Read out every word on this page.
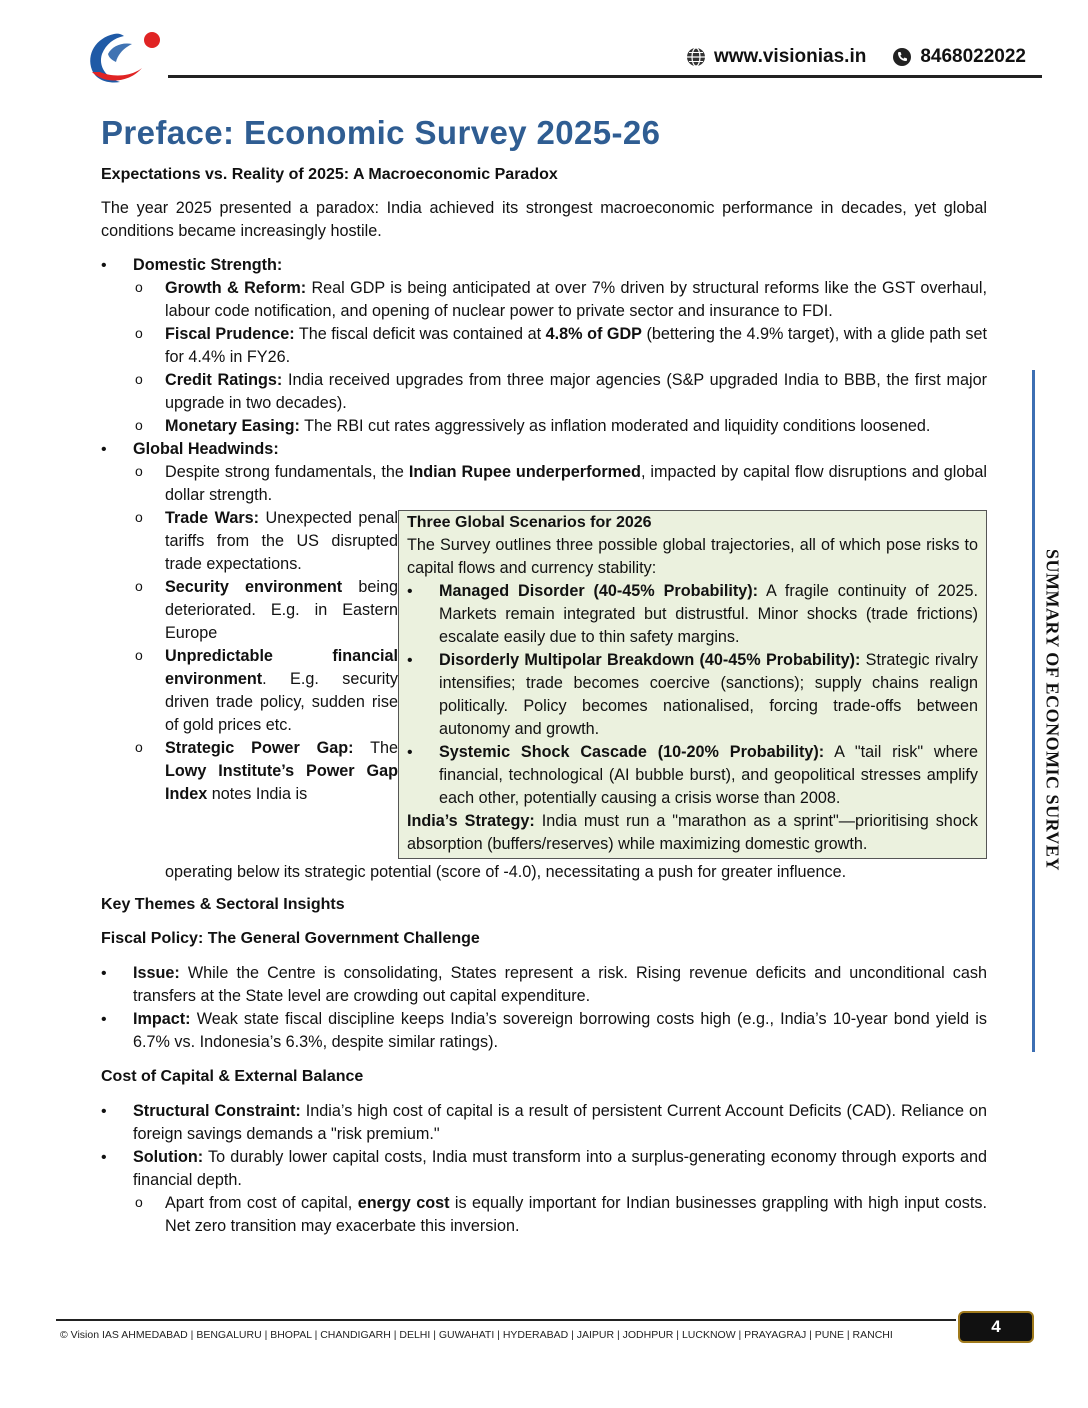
www.visionias.in	8468022022
SUMMARY OF ECONOMIC SURVEY
Preface: Economic Survey 2025-26
Expectations vs. Reality of 2025: A Macroeconomic Paradox

The year 2025 presented a paradox: India achieved its strongest macroeconomic performance in decades, yet global conditions became increasingly hostile.

• Domestic Strength:
o Growth & Reform: Real GDP is being anticipated at over 7% driven by structural reforms like the GST overhaul, labour code notification, and opening of nuclear power to private sector and insurance to FDI.
o Fiscal Prudence: The fiscal deficit was contained at 4.8% of GDP (bettering the 4.9% target), with a glide path set for 4.4% in FY26.
o Credit Ratings: India received upgrades from three major agencies (S&P upgraded India to BBB, the first major upgrade in two decades).
o Monetary Easing: The RBI cut rates aggressively as inflation moderated and liquidity conditions loosened.
• Global Headwinds:
o Despite strong fundamentals, the Indian Rupee underperformed, impacted by capital flow disruptions and global dollar strength.
Three Global Scenarios for 2026

The Survey outlines three possible global trajectories, all of which pose risks to capital flows and currency stability:

• Managed Disorder (40-45% Probability): A fragile continuity of 2025. Markets remain integrated but distrustful. Minor shocks (trade frictions) escalate easily due to thin safety margins.
• Disorderly Multipolar Breakdown (40-45% Probability): Strategic rivalry intensifies; trade becomes coercive (sanctions); supply chains realign politically. Policy becomes nationalised, forcing trade-offs between autonomy and growth.
• Systemic Shock Cascade (10-20% Probability): A "tail risk" where financial, technological (AI bubble burst), and geopolitical stresses amplify each other, potentially causing a crisis worse than 2008.

India’s Strategy: India must run a "marathon as a sprint"—prioritising shock absorption (buffers/reserves) while maximizing domestic growth.

o Trade Wars: Unexpected penal tariffs from the US disrupted trade expectations.
o Security environment being deteriorated. E.g. in Eastern Europe
o Unpredictable financial environment. E.g. security driven trade policy, sudden rise of gold prices etc.
o Strategic Power Gap: The Lowy Institute’s Power Gap Index notes India is
operating below its strategic potential (score of -4.0), necessitating a push for greater influence.
Key Themes & Sectoral Insights
Fiscal Policy: The General Government Challenge
• Issue: While the Centre is consolidating, States represent a risk. Rising revenue deficits and unconditional cash transfers at the State level are crowding out capital expenditure.
• Impact: Weak state fiscal discipline keeps India’s sovereign borrowing costs high (e.g., India’s 10-year bond yield is 6.7% vs. Indonesia’s 6.3%, despite similar ratings).
Cost of Capital & External Balance
• Structural Constraint: India’s high cost of capital is a result of persistent Current Account Deficits (CAD). Reliance on foreign savings demands a "risk premium."
• Solution: To durably lower capital costs, India must transform into a surplus-generating economy through exports and financial depth.
o Apart from cost of capital, energy cost is equally important for Indian businesses grappling with high input costs. Net zero transition may exacerbate this inversion.
© Vision IAS AHMEDABAD | BENGALURU | BHOPAL | CHANDIGARH | DELHI | GUWAHATI | HYDERABAD | JAIPUR | JODHPUR | LUCKNOW | PRAYAGRAJ | PUNE | RANCHI	4
